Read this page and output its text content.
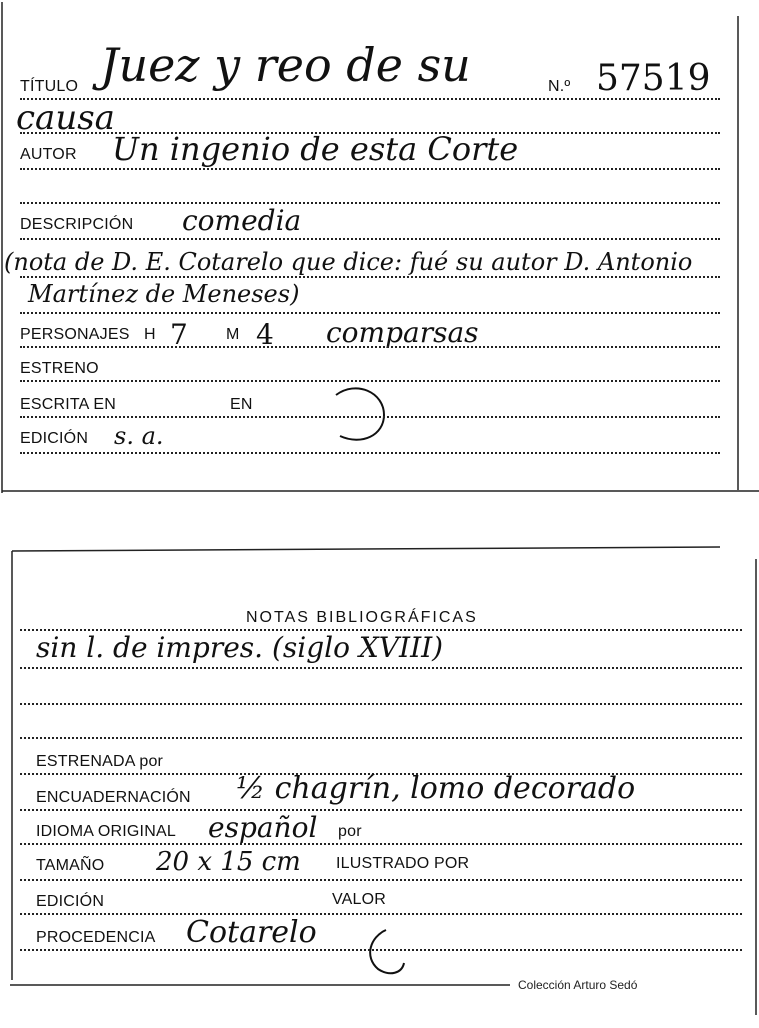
TÍTULO Juez y reo de su	N.º 57519
causa
AUTOR Un ingenio de esta Corte
DESCRIPCIÓN comedia
(nota de D. E. Cotarelo que dice: fué su autor D. Antonio
Martínez de Meneses)
PERSONAJES H 7 M 4 comparsas
ESTRENO
ESCRITA EN	EN
EDICIÓN s. a.
NOTAS BIBLIOGRÁFICAS
sin l. de impres. (siglo XVIII)
ESTRENADA por
ENCUADERNACIÓN ½ chagrín, lomo decorado
IDIOMA ORIGINAL español por
TAMAÑO 20 x 15 cm ILUSTRADO POR
EDICIÓN	VALOR
PROCEDENCIA Cotarelo
Colección Arturo Sedó
